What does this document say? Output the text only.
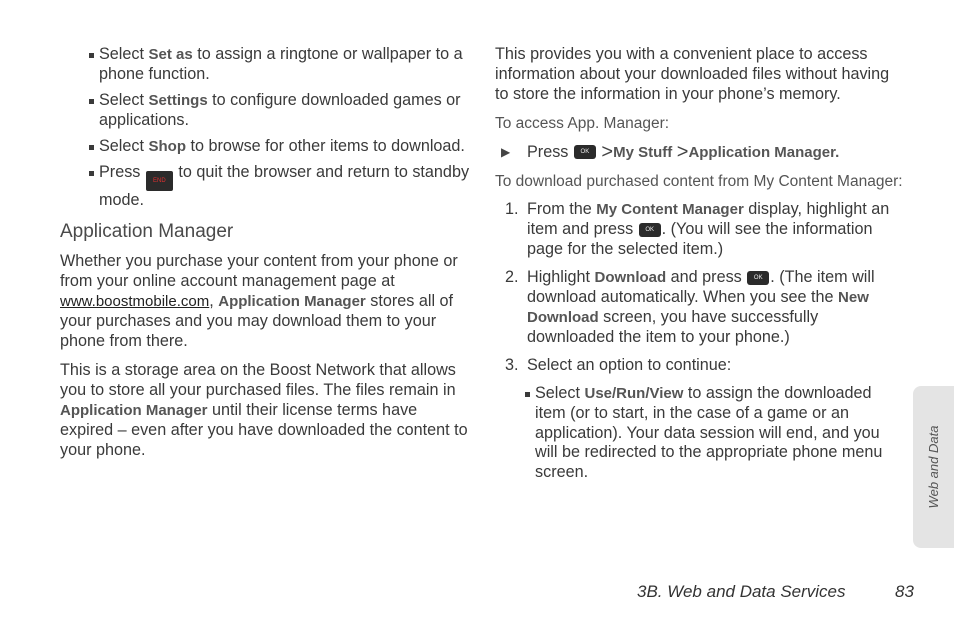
Select Set as to assign a ringtone or wallpaper to a phone function.
Select Settings to configure downloaded games or applications.
Select Shop to browse for other items to download.
Press END to quit the browser and return to standby mode.
Application Manager

Whether you purchase your content from your phone or from your online account management page at www.boostmobile.com, Application Manager stores all of your purchases and you may download them to your phone from there.

This is a storage area on the Boost Network that allows you to store all your purchased files. The files remain in Application Manager until their license terms have expired – even after you have downloaded the content to your phone.

This provides you with a convenient place to access information about your downloaded files without having to store the information in your phone’s memory.

To access App. Manager:

▶ Press OK >My Stuff >Application Manager.

To download purchased content from My Content Manager:

1. From the My Content Manager display, highlight an item and press OK . (You will see the information page for the selected item.)
2. Highlight Download and press OK . (The item will download automatically. When you see the New Download screen, you have successfully downloaded the item to your phone.)
3. Select an option to continue:
Select Use/Run/View to assign the downloaded item (or to start, in the case of a game or an application). Your data session will end, and you will be redirected to the appropriate phone menu screen.	Web and Data
3B. Web and Data Services	83
